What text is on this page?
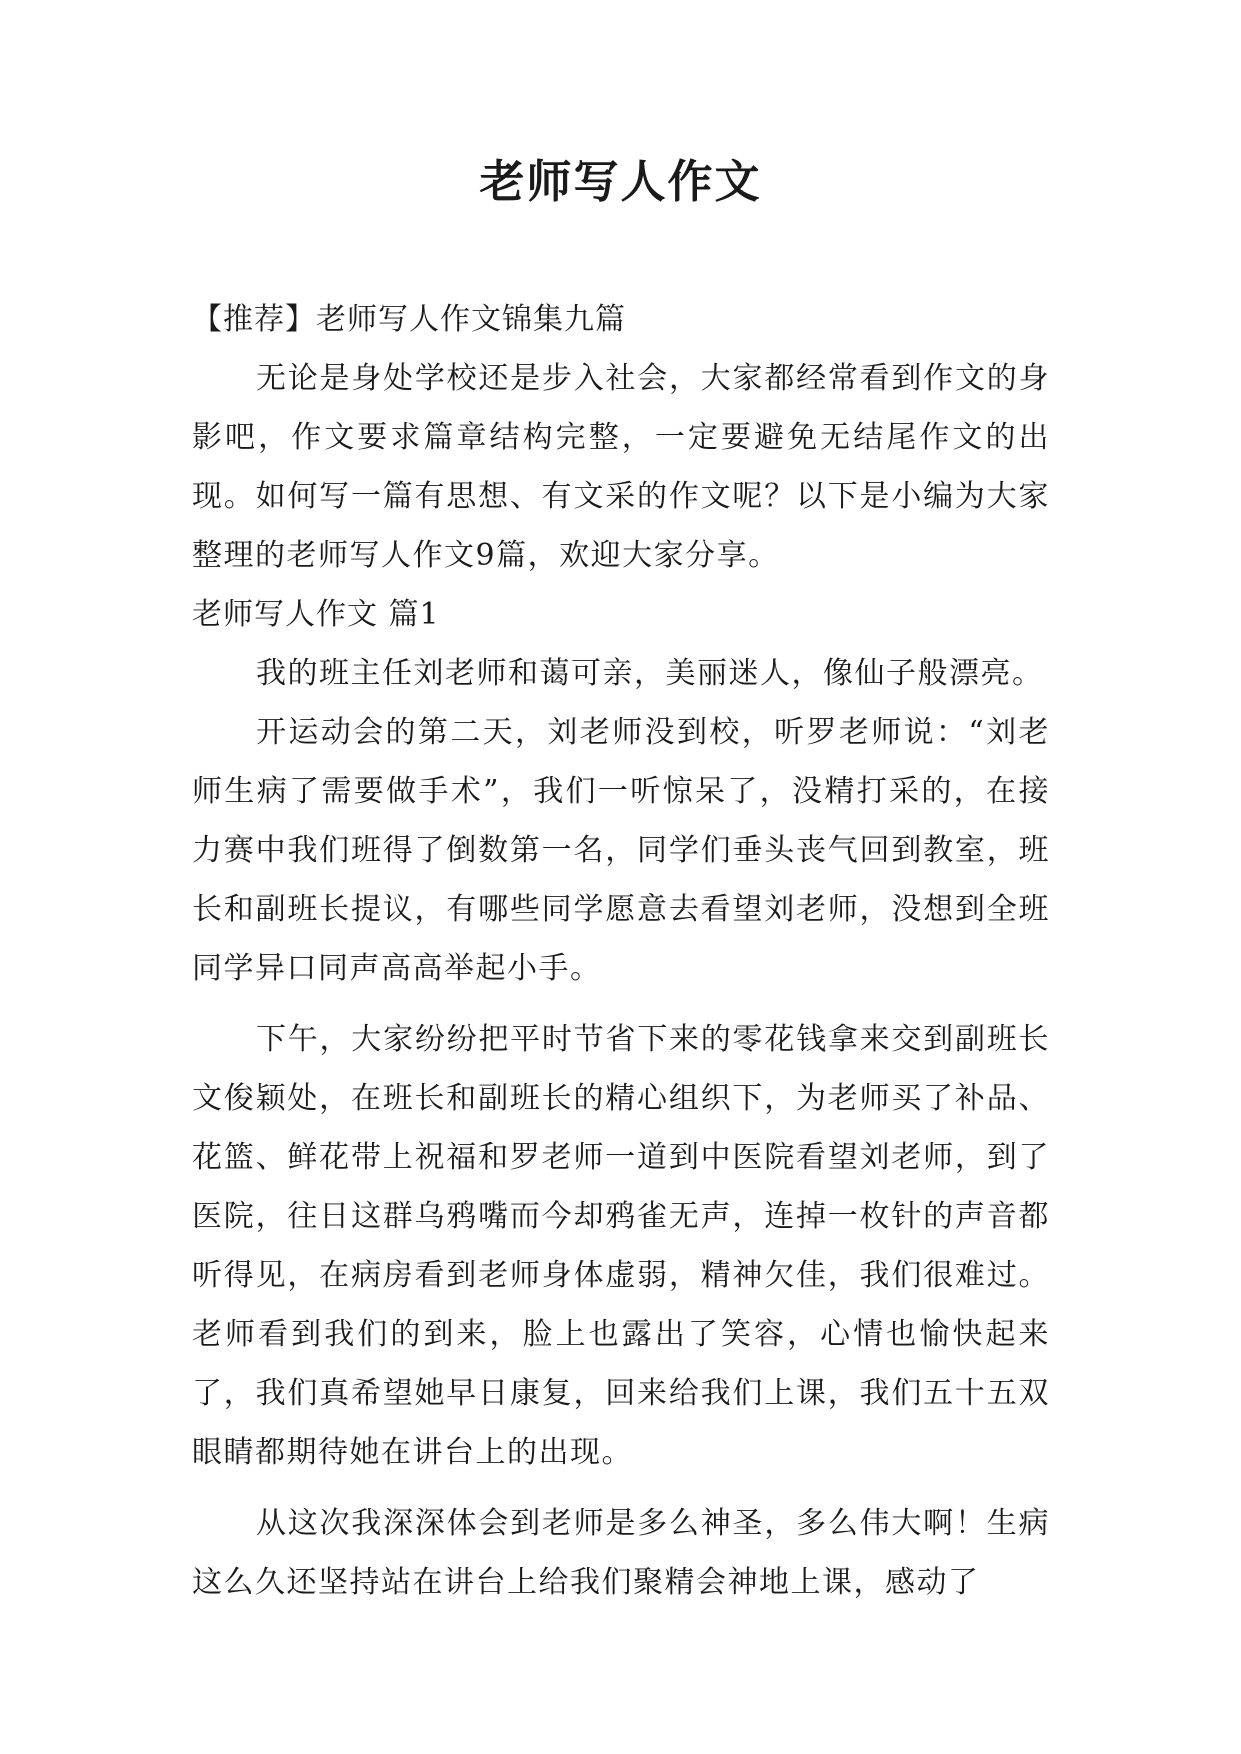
老师写人作文

【推荐】老师写人作文锦集九篇

无论是身处学校还是步入社会，大家都经常看到作文的身影吧，作文要求篇章结构完整，一定要避免无结尾作文的出现。如何写一篇有思想、有文采的作文呢？以下是小编为大家整理的老师写人作文9篇，欢迎大家分享。

老师写人作文 篇1

我的班主任刘老师和蔼可亲，美丽迷人，像仙子般漂亮。

开运动会的第二天，刘老师没到校，听罗老师说：“刘老师生病了需要做手术”，我们一听惊呆了，没精打采的，在接力赛中我们班得了倒数第一名，同学们垂头丧气回到教室，班长和副班长提议，有哪些同学愿意去看望刘老师，没想到全班同学异口同声高高举起小手。

下午，大家纷纷把平时节省下来的零花钱拿来交到副班长文俊颖处，在班长和副班长的精心组织下，为老师买了补品、花篮、鲜花带上祝福和罗老师一道到中医院看望刘老师，到了医院，往日这群乌鸦嘴而今却鸦雀无声，连掉一枚针的声音都听得见，在病房看到老师身体虚弱，精神欠佳，我们很难过。老师看到我们的到来，脸上也露出了笑容，心情也愉快起来了，我们真希望她早日康复，回来给我们上课，我们五十五双眼睛都期待她在讲台上的出现。

从这次我深深体会到老师是多么神圣，多么伟大啊！生病这么久还坚持站在讲台上给我们聚精会神地上课，感动了
